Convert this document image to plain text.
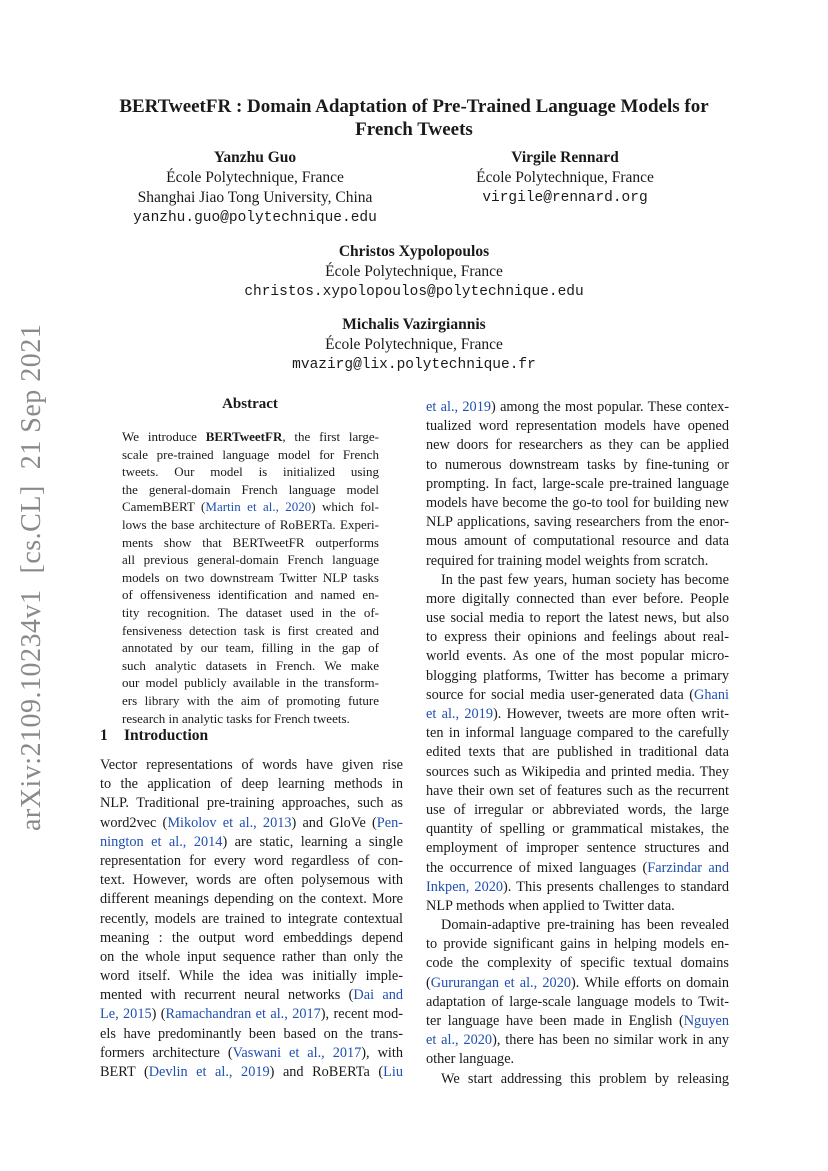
BERTweetFR : Domain Adaptation of Pre-Trained Language Models for
French Tweets
Yanzhu Guo
École Polytechnique, France
Shanghai Jiao Tong University, China
yanzhu.guo@polytechnique.edu
Virgile Rennard
École Polytechnique, France
virgile@rennard.org
Christos Xypolopoulos
École Polytechnique, France
christos.xypolopoulos@polytechnique.edu
Michalis Vazirgiannis
École Polytechnique, France
mvazirg@lix.polytechnique.fr
arXiv:2109.10234v1[cs.CL]21 Sep 2021	Abstract
We introduce BERTweetFR, the first large-
scale pre-trained language model for French
tweets. Our model is initialized using
the general-domain French language model
CamemBERT (Martin et al., 2020) which fol-
lows the base architecture of RoBERTa. Experi-
ments show that BERTweetFR outperforms
all previous general-domain French language
models on two downstream Twitter NLP tasks
of offensiveness identification and named en-
tity recognition. The dataset used in the of-
fensiveness detection task is first created and
annotated by our team, filling in the gap of
such analytic datasets in French. We make
our model publicly available in the transform-
ers library with the aim of promoting future
research in analytic tasks for French tweets.
1 Introduction
Vector representations of words have given rise
to the application of deep learning methods in
NLP. Traditional pre-training approaches, such as
word2vec (Mikolov et al., 2013) and GloVe (Pen-
nington et al., 2014) are static, learning a single
representation for every word regardless of con-
text. However, words are often polysemous with
different meanings depending on the context. More
recently, models are trained to integrate contextual
meaning : the output word embeddings depend
on the whole input sequence rather than only the
word itself. While the idea was initially imple-
mented with recurrent neural networks (Dai and
Le, 2015) (Ramachandran et al., 2017), recent mod-
els have predominantly been based on the trans-
formers architecture (Vaswani et al., 2017), with
BERT (Devlin et al., 2019) and RoBERTa (Liu
et al., 2019) among the most popular. These contex-
tualized word representation models have opened
new doors for researchers as they can be applied
to numerous downstream tasks by fine-tuning or
prompting. In fact, large-scale pre-trained language
models have become the go-to tool for building new
NLP applications, saving researchers from the enor-
mous amount of computational resource and data
required for training model weights from scratch.
In the past few years, human society has become
more digitally connected than ever before. People
use social media to report the latest news, but also
to express their opinions and feelings about real-
world events. As one of the most popular micro-
blogging platforms, Twitter has become a primary
source for social media user-generated data (Ghani
et al., 2019). However, tweets are more often writ-
ten in informal language compared to the carefully
edited texts that are published in traditional data
sources such as Wikipedia and printed media. They
have their own set of features such as the recurrent
use of irregular or abbreviated words, the large
quantity of spelling or grammatical mistakes, the
employment of improper sentence structures and
the occurrence of mixed languages (Farzindar and
Inkpen, 2020). This presents challenges to standard
NLP methods when applied to Twitter data.
Domain-adaptive pre-training has been revealed
to provide significant gains in helping models en-
code the complexity of specific textual domains
(Gururangan et al., 2020). While efforts on domain
adaptation of large-scale language models to Twit-
ter language have been made in English (Nguyen
et al., 2020), there has been no similar work in any
other language.
We start addressing this problem by releasing
